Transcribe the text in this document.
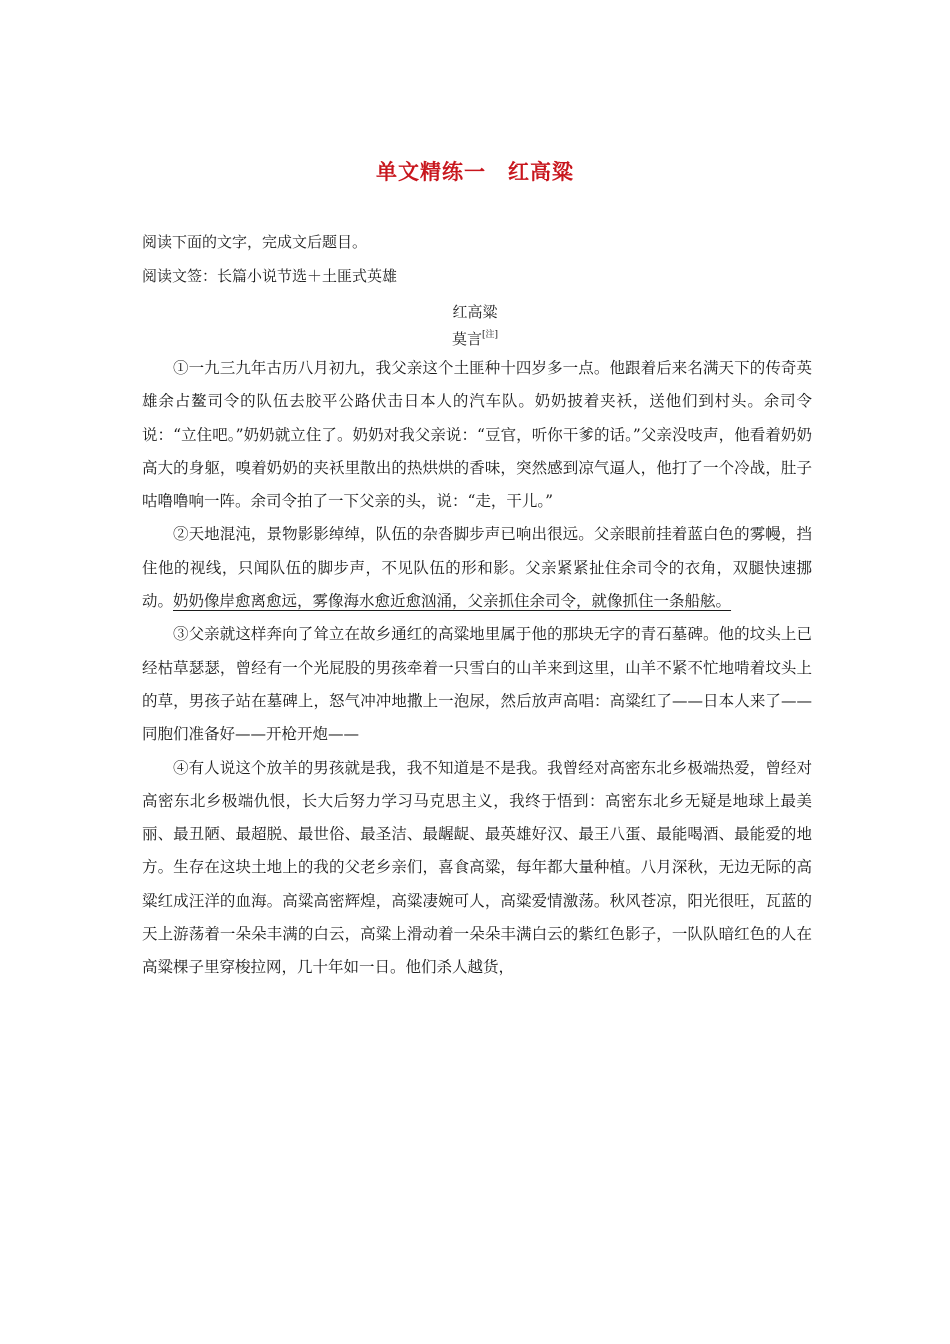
单文精练一　红高粱
阅读下面的文字，完成文后题目。
阅读文签：长篇小说节选＋土匪式英雄
红高粱
莫言[注]

①一九三九年古历八月初九，我父亲这个土匪种十四岁多一点。他跟着后来名满天下的传奇英雄余占鳌司令的队伍去胶平公路伏击日本人的汽车队。奶奶披着夹袄，送他们到村头。余司令说：“立住吧。”奶奶就立住了。奶奶对我父亲说：“豆官，听你干爹的话。”父亲没吱声，他看着奶奶高大的身躯，嗅着奶奶的夹袄里散出的热烘烘的香味，突然感到凉气逼人，他打了一个冷战，肚子咕噜噜响一阵。余司令拍了一下父亲的头，说：“走，干儿。”

②天地混沌，景物影影绰绰，队伍的杂沓脚步声已响出很远。父亲眼前挂着蓝白色的雾幔，挡住他的视线，只闻队伍的脚步声，不见队伍的形和影。父亲紧紧扯住余司令的衣角，双腿快速挪动。奶奶像岸愈离愈远，雾像海水愈近愈汹涌，父亲抓住余司令，就像抓住一条船舷。

③父亲就这样奔向了耸立在故乡通红的高粱地里属于他的那块无字的青石墓碑。他的坟头上已经枯草瑟瑟，曾经有一个光屁股的男孩牵着一只雪白的山羊来到这里，山羊不紧不忙地啃着坟头上的草，男孩子站在墓碑上，怒气冲冲地撒上一泡尿，然后放声高唱：高粱红了——日本人来了——同胞们准备好——开枪开炮——

④有人说这个放羊的男孩就是我，我不知道是不是我。我曾经对高密东北乡极端热爱，曾经对高密东北乡极端仇恨，长大后努力学习马克思主义，我终于悟到：高密东北乡无疑是地球上最美丽、最丑陋、最超脱、最世俗、最圣洁、最龌龊、最英雄好汉、最王八蛋、最能喝酒、最能爱的地方。生存在这块土地上的我的父老乡亲们，喜食高粱，每年都大量种植。八月深秋，无边无际的高粱红成汪洋的血海。高粱高密辉煌，高粱凄婉可人，高粱爱情激荡。秋风苍凉，阳光很旺，瓦蓝的天上游荡着一朵朵丰满的白云，高粱上滑动着一朵朵丰满白云的紫红色影子，一队队暗红色的人在高粱棵子里穿梭拉网，几十年如一日。他们杀人越货，
